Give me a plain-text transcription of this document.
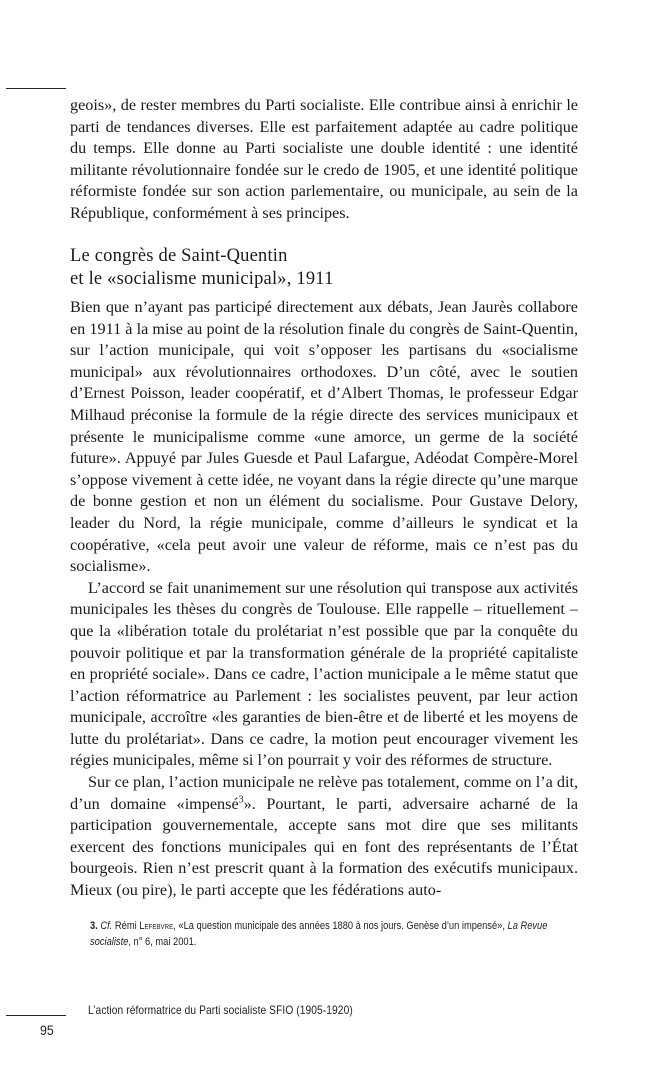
geois», de rester membres du Parti socialiste. Elle contribue ainsi à enrichir le parti de tendances diverses. Elle est parfaitement adaptée au cadre politique du temps. Elle donne au Parti socialiste une double identité : une identité militante révolutionnaire fondée sur le credo de 1905, et une identité politique réformiste fondée sur son action parlementaire, ou municipale, au sein de la République, conformément à ses principes.

Le congrès de Saint-Quentin
et le «socialisme municipal», 1911

Bien que n’ayant pas participé directement aux débats, Jean Jaurès collabore en 1911 à la mise au point de la résolution finale du congrès de Saint-Quentin, sur l’action municipale, qui voit s’opposer les partisans du «socialisme municipal» aux révolutionnaires orthodoxes. D’un côté, avec le soutien d’Ernest Poisson, leader coopératif, et d’Albert Thomas, le professeur Edgar Milhaud préconise la formule de la régie directe des services municipaux et présente le municipalisme comme «une amorce, un germe de la société future». Appuyé par Jules Guesde et Paul Lafargue, Adéodat Compère-Morel s’oppose vivement à cette idée, ne voyant dans la régie directe qu’une marque de bonne gestion et non un élément du socialisme. Pour Gustave Delory, leader du Nord, la régie municipale, comme d’ailleurs le syndicat et la coopérative, «cela peut avoir une valeur de réforme, mais ce n’est pas du socialisme».

L’accord se fait unanimement sur une résolution qui transpose aux activités municipales les thèses du congrès de Toulouse. Elle rappelle – rituellement – que la «libération totale du prolétariat n’est possible que par la conquête du pouvoir politique et par la transformation générale de la propriété capitaliste en propriété sociale». Dans ce cadre, l’action municipale a le même statut que l’action réformatrice au Parlement : les socialistes peuvent, par leur action municipale, accroître «les garanties de bien-être et de liberté et les moyens de lutte du prolétariat». Dans ce cadre, la motion peut encourager vivement les régies municipales, même si l’on pourrait y voir des réformes de structure.

Sur ce plan, l’action municipale ne relève pas totalement, comme on l’a dit, d’un domaine «impensé$^3$». Pourtant, le parti, adversaire acharné de la participation gouvernementale, accepte sans mot dire que ses militants exercent des fonctions municipales qui en font des représentants de l’État bourgeois. Rien n’est prescrit quant à la formation des exécutifs municipaux. Mieux (ou pire), le parti accepte que les fédérations auto-

3. Cf. Rémi Lefebvre, «La question municipale des années 1880 à nos jours. Genèse d’un impensé», La Revue socialiste, n° 6, mai 2001.
L’action réformatrice du Parti socialiste SFIO (1905-1920)
95
